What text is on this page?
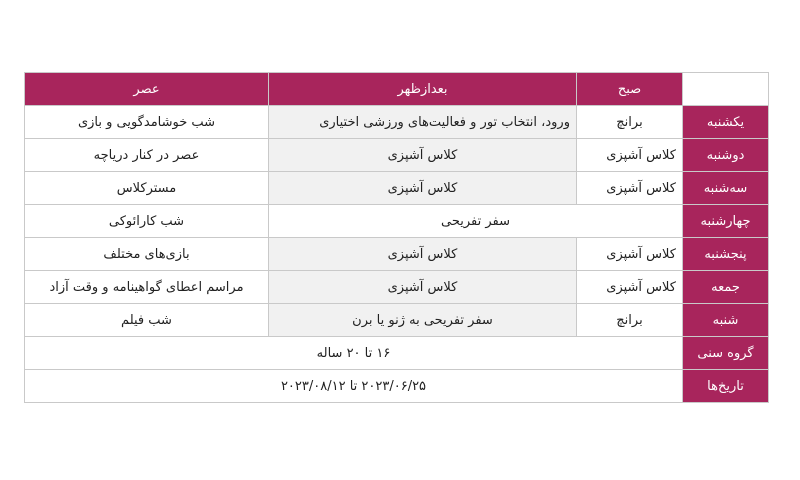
	صبح	بعدازظهر	عصر
یکشنبه	برانچ	ورود، انتخاب تور و فعالیت‌های ورزشی اختیاری	شب خوشامدگویی و بازی
دوشنبه	کلاس آشپزی	کلاس آشپزی	عصر در کنار دریاچه
سه‌شنبه	کلاس آشپزی	کلاس آشپزی	مسترکلاس
چهارشنبه	سفر تفریحی		شب کارائوکی
پنجشنبه	کلاس آشپزی	کلاس آشپزی	بازی‌های مختلف
جمعه	کلاس آشپزی	کلاس آشپزی	مراسم اعطای گواهینامه و وقت آزاد
شنبه	برانچ	سفر تفریحی به ژنو یا برن	شب فیلم
گروه سنی	۱۶ تا ۲۰ ساله		
تاریخ‌ها	۲۰۲۳/۰۶/۲۵ تا ۲۰۲۳/۰۸/۱۲		
